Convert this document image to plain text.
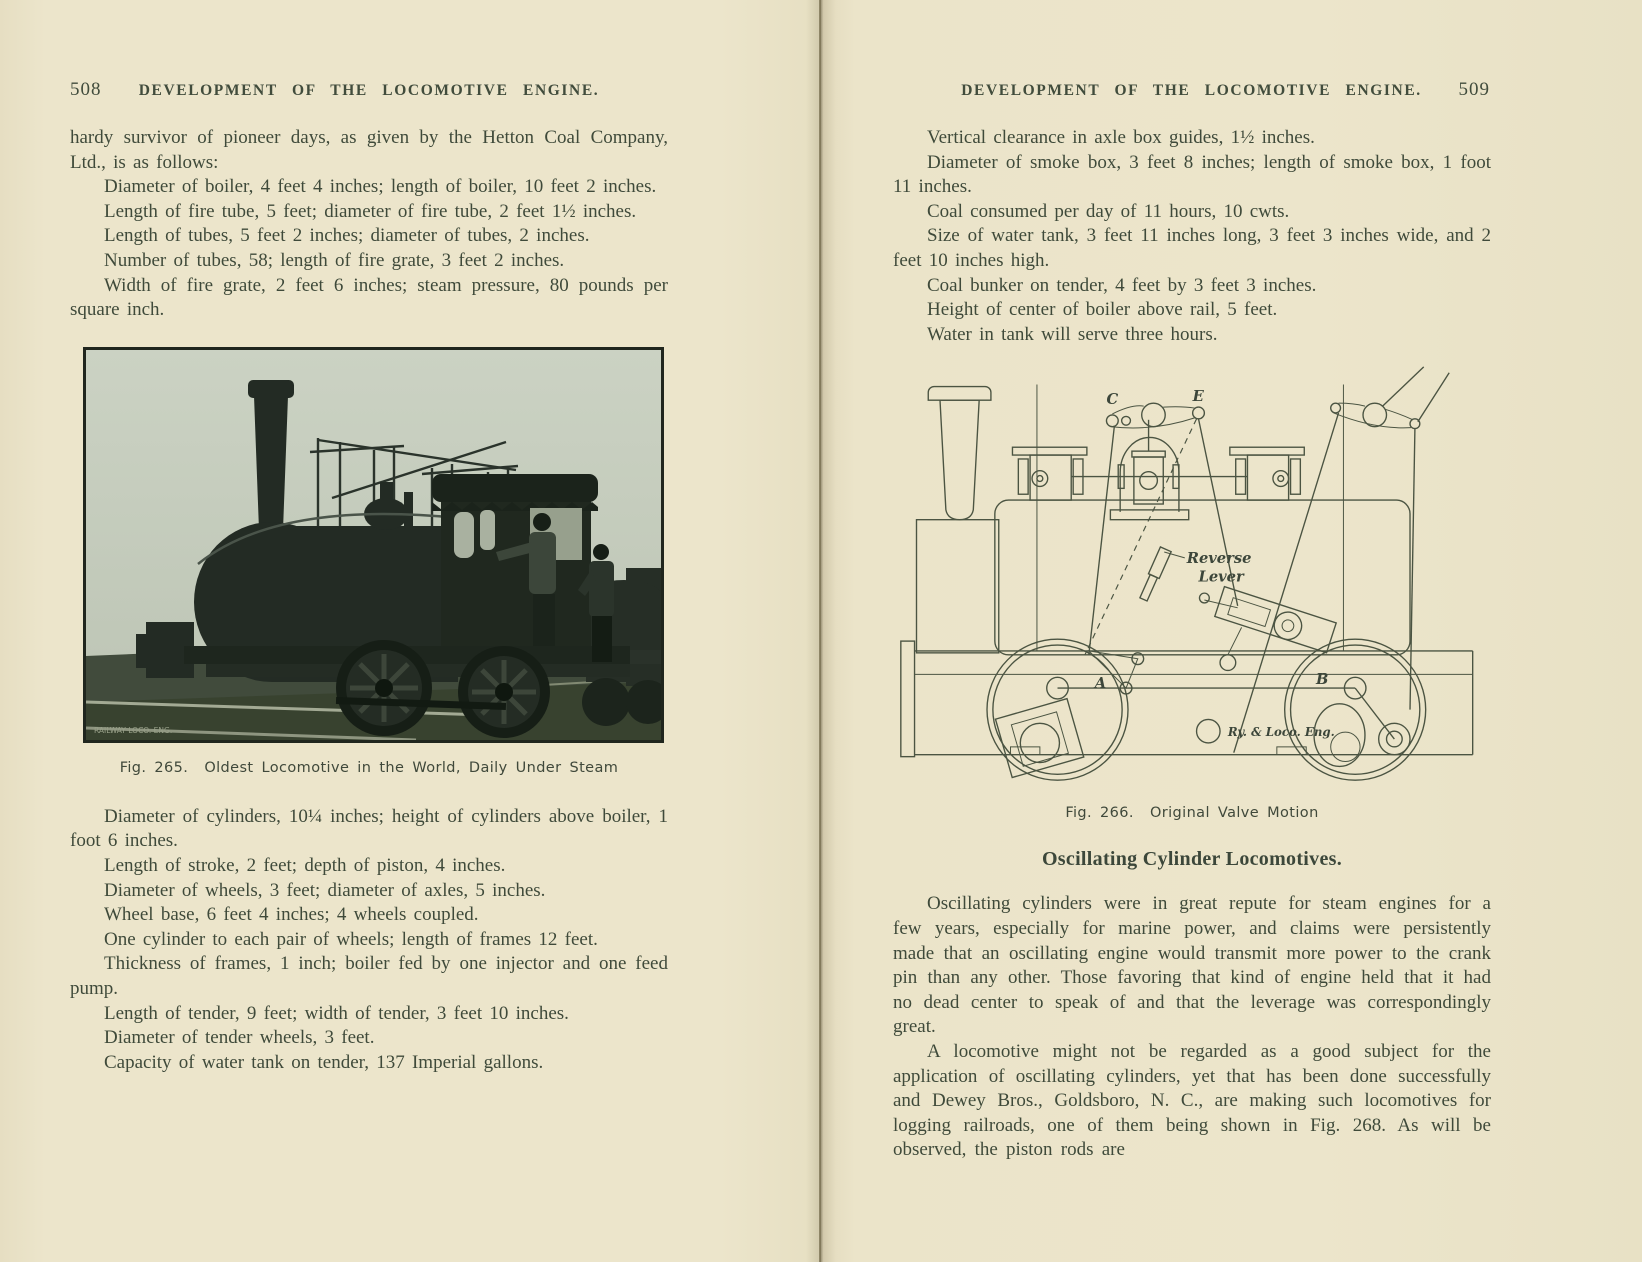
508	DEVELOPMENT OF THE LOCOMOTIVE ENGINE.

hardy survivor of pioneer days, as given by the Hetton Coal Company, Ltd., is as follows:

Diameter of boiler, 4 feet 4 inches; length of boiler, 10 feet 2 inches.

Length of fire tube, 5 feet; diameter of fire tube, 2 feet 1½ inches.

Length of tubes, 5 feet 2 inches; diameter of tubes, 2 inches.

Number of tubes, 58; length of fire grate, 3 feet 2 inches.

Width of fire grate, 2 feet 6 inches; steam pressure, 80 pounds per square inch.

RAILWAY LOCO. ENG.

Fig. 265. Oldest Locomotive in the World, Daily Under Steam

Diameter of cylinders, 10¼ inches; height of cylinders above boiler, 1 foot 6 inches.

Length of stroke, 2 feet; depth of piston, 4 inches.

Diameter of wheels, 3 feet; diameter of axles, 5 inches.

Wheel base, 6 feet 4 inches; 4 wheels coupled.

One cylinder to each pair of wheels; length of frames 12 feet.

Thickness of frames, 1 inch; boiler fed by one injector and one feed pump.

Length of tender, 9 feet; width of tender, 3 feet 10 inches.

Diameter of tender wheels, 3 feet.

Capacity of water tank on tender, 137 Imperial gallons.

509
DEVELOPMENT OF THE LOCOMOTIVE ENGINE.

Vertical clearance in axle box guides, 1½ inches.

Diameter of smoke box, 3 feet 8 inches; length of smoke box, 1 foot 11 inches.

Coal consumed per day of 11 hours, 10 cwts.

Size of water tank, 3 feet 11 inches long, 3 feet 3 inches wide, and 2 feet 10 inches high.

Coal bunker on tender, 4 feet by 3 feet 3 inches.

Height of center of boiler above rail, 5 feet.

Water in tank will serve three hours.

Reverse
Lever
C	E
A	B
Ry. & Loco. Eng.

Fig. 266. Original Valve Motion

Oscillating Cylinder Locomotives.

Oscillating cylinders were in great repute for steam engines for a few years, especially for marine power, and claims were persistently made that an oscillating engine would transmit more power to the crank pin than any other. Those favoring that kind of engine held that it had no dead center to speak of and that the leverage was correspondingly great.

A locomotive might not be regarded as a good subject for the application of oscillating cylinders, yet that has been done successfully and Dewey Bros., Goldsboro, N. C., are making such locomotives for logging railroads, one of them being shown in Fig. 268. As will be observed, the piston rods are
